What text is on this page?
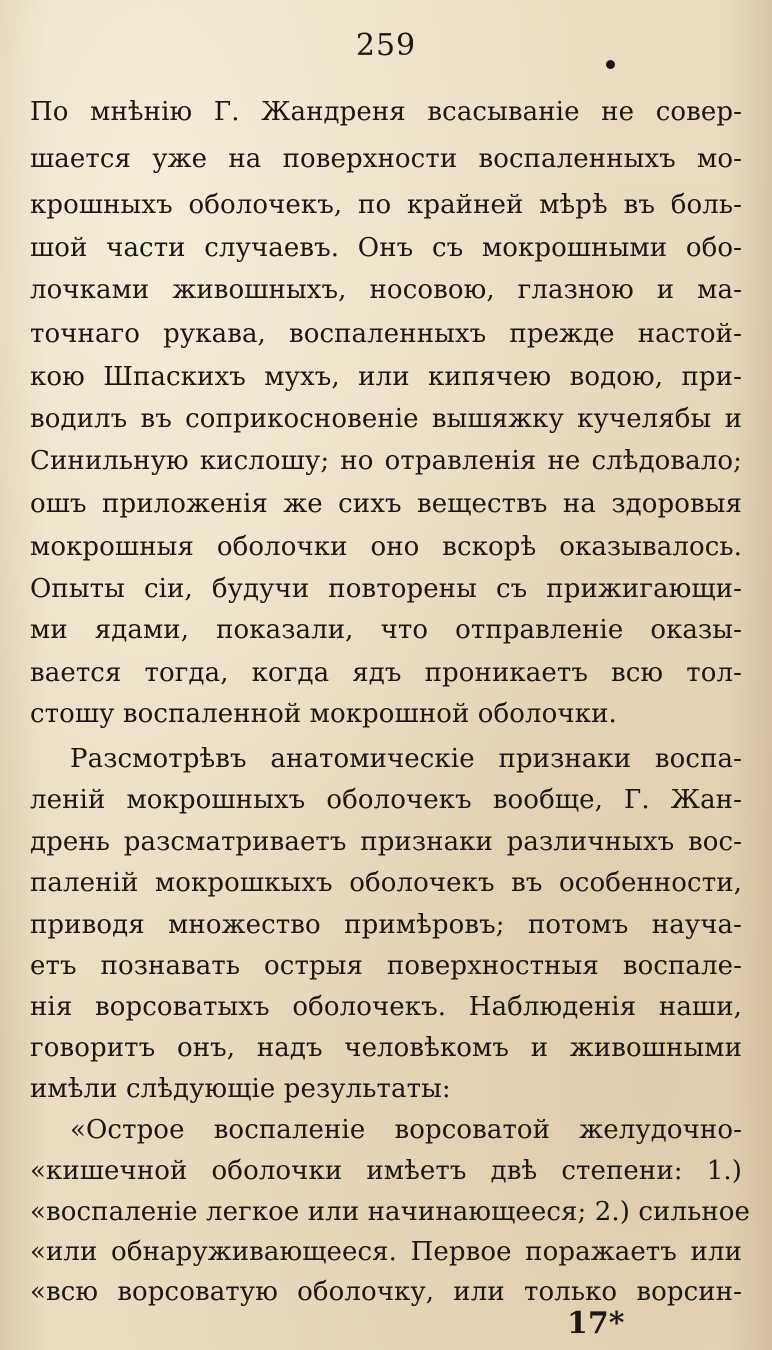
259
По мнѣнію Г. Жандреня всасываніе не совер-
шается уже на поверхности воспаленныхъ мо-
крошныхъ оболочекъ, по крайней мѣрѣ въ боль-
шой части случаевъ. Онъ съ мокрошными обо-
лочками живошныхъ, носовою, глазною и ма-
точнаго рукава, воспаленныхъ прежде настой-
кою Шпаскихъ мухъ, или кипячею водою, при-
водилъ въ соприкосновеніе вышяжку кучелябы и
Синильную кислошу; но отравленія не слѣдовало;
ошъ приложенія же сихъ веществъ на здоровыя
мокрошныя оболочки оно вскорѣ оказывалось.
Опыты сіи, будучи повторены съ прижигающи-
ми ядами, показали, что отправленіе оказы-
вается тогда, когда ядъ проникаетъ всю тол-
стошу воспаленной мокрошной оболочки.
Разсмотрѣвъ анатомическіе признаки воспа-
леній мокрошныхъ оболочекъ вообще, Г. Жан-
дрень разсматриваетъ признаки различныхъ вос-
паленій мокрошкыхъ оболочекъ въ особенности,
приводя множество примѣровъ; потомъ науча-
етъ познавать острыя поверхностныя воспале-
нія ворсоватыхъ оболочекъ. Наблюденія наши,
говоритъ онъ, надъ человѣкомъ и живошными
имѣли слѣдующіе результаты:
«Острое воспаленіе ворсоватой желудочно-
«кишечной оболочки имѣетъ двѣ степени: 1.)
«воспаленіе легкое или начинающееся; 2.) сильное
«или обнаруживающееся. Первое поражаетъ или
«всю ворсоватую оболочку, или только ворсин-
17*
